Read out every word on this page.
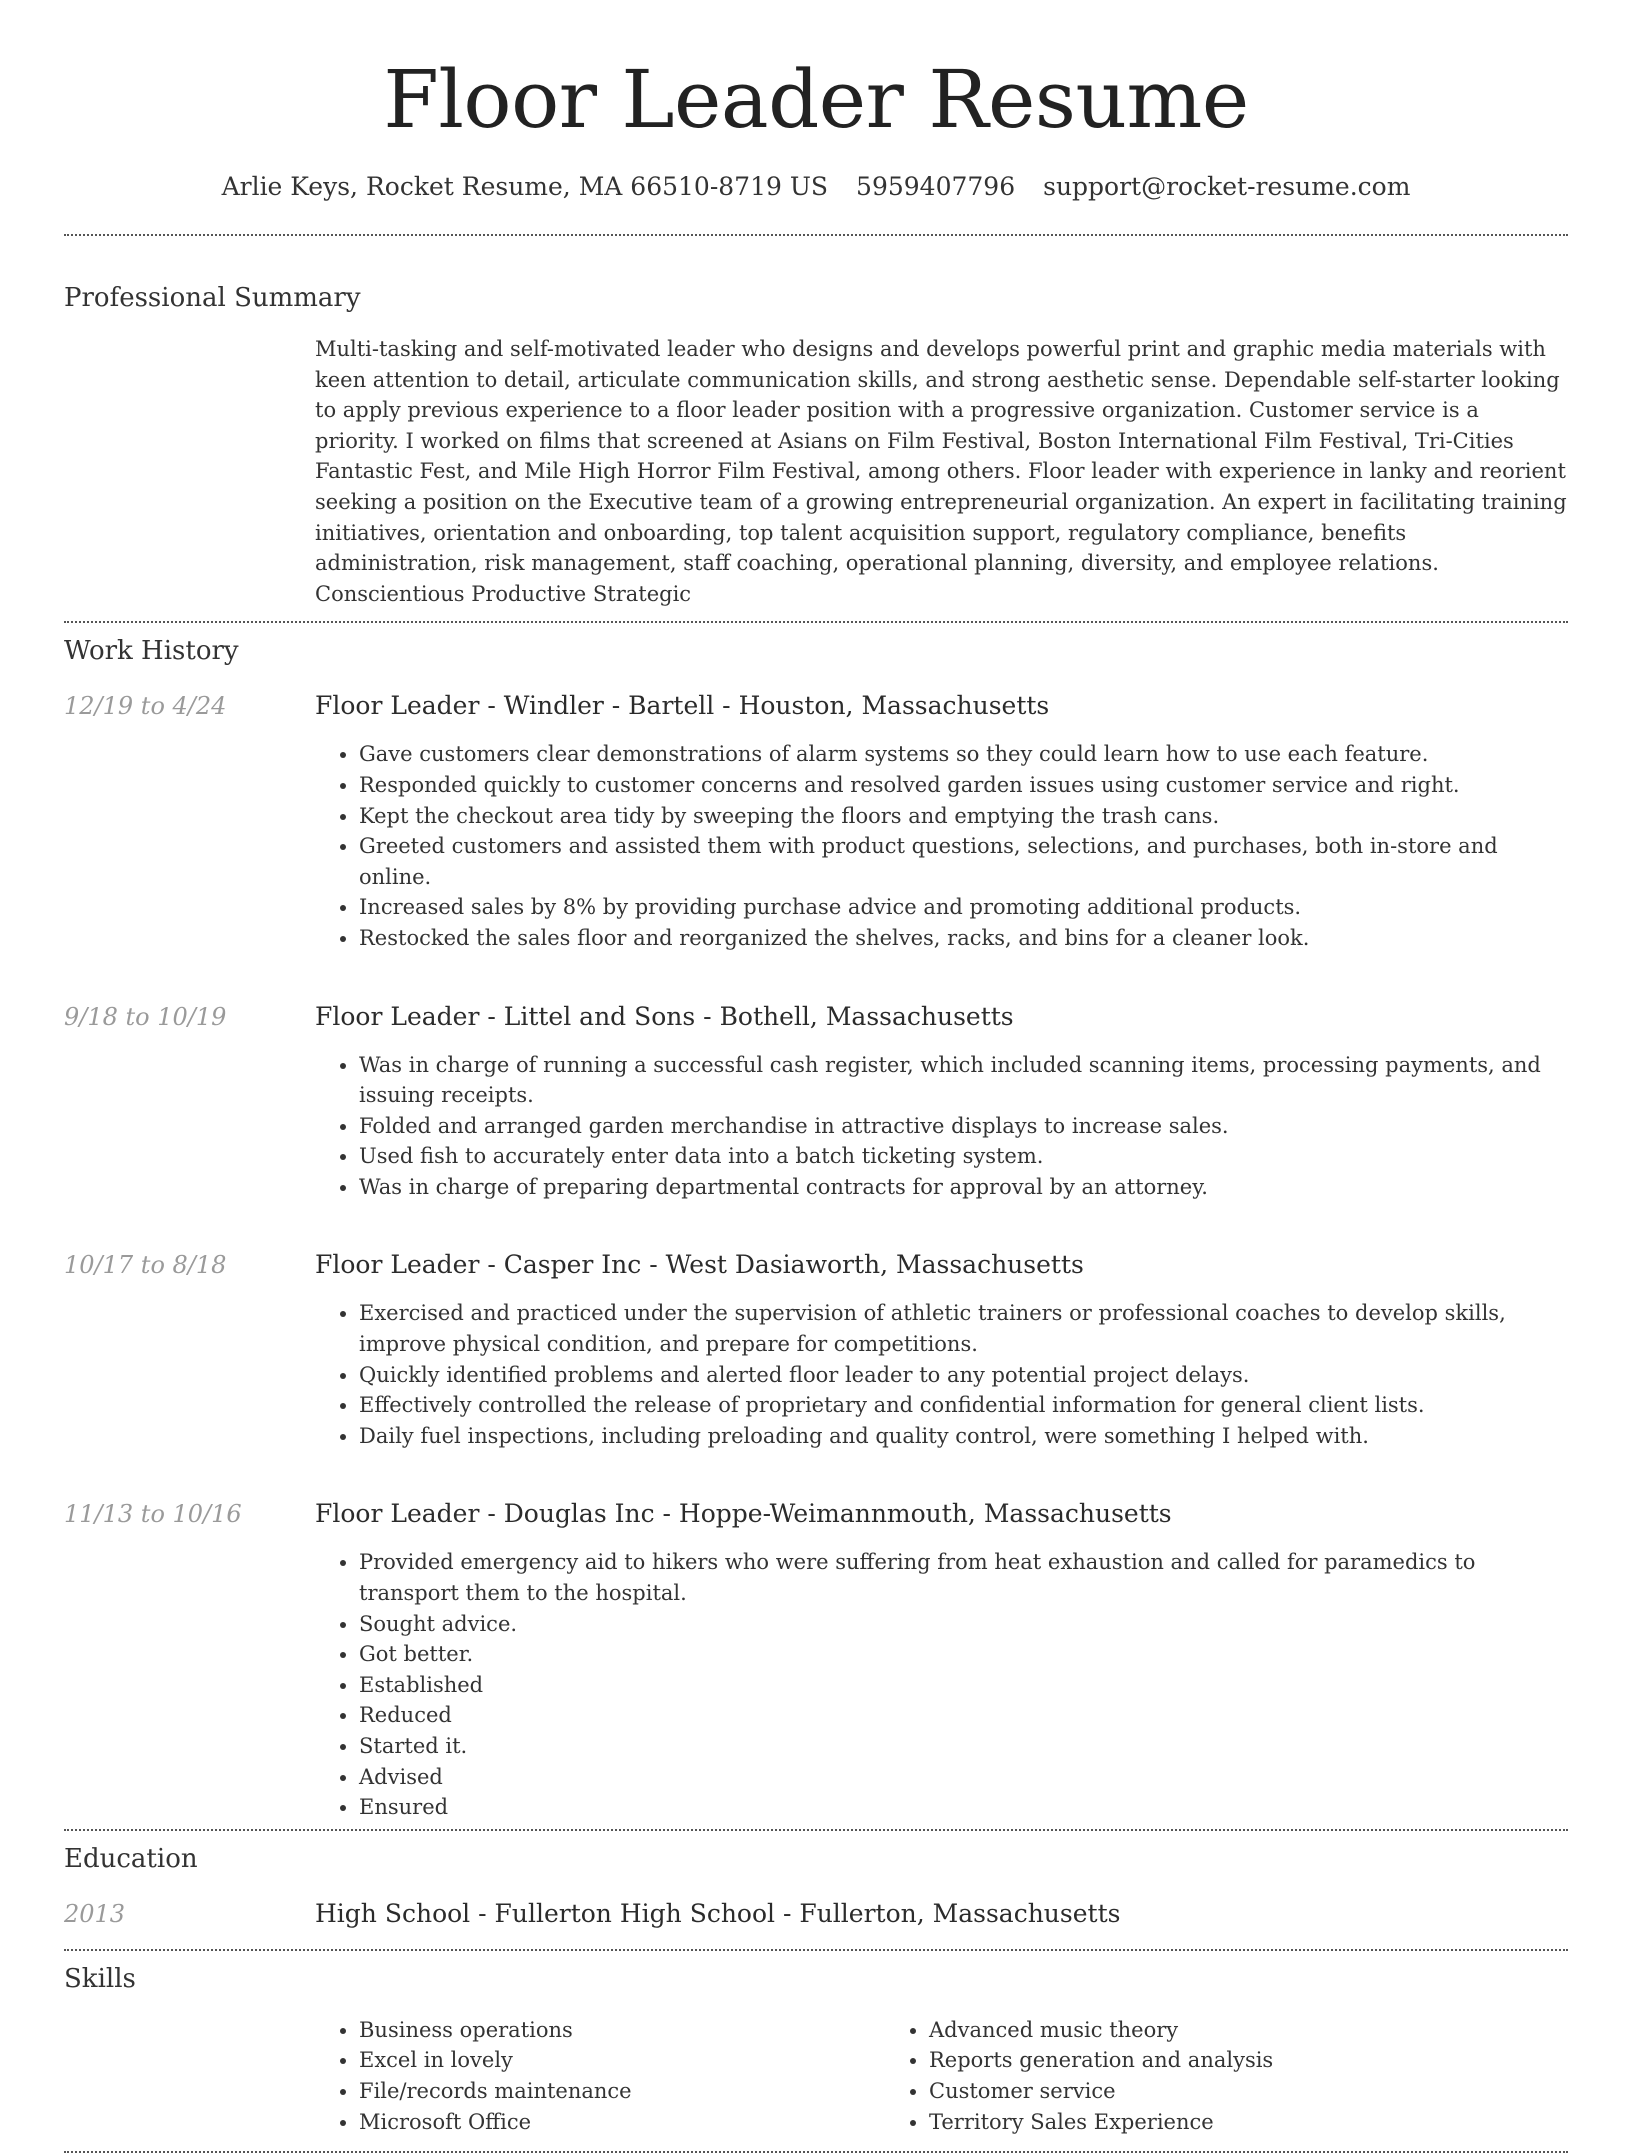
Floor Leader Resume
Arlie Keys, Rocket Resume, MA 66510-8719 US 5959407796 support@rocket-resume.com
Professional Summary
Multi-tasking and self-motivated leader who designs and develops powerful print and graphic media materials with keen attention to detail, articulate communication skills, and strong aesthetic sense. Dependable self-starter looking to apply previous experience to a floor leader position with a progressive organization. Customer service is a priority. I worked on films that screened at Asians on Film Festival, Boston International Film Festival, Tri-Cities Fantastic Fest, and Mile High Horror Film Festival, among others. Floor leader with experience in lanky and reorient seeking a position on the Executive team of a growing entrepreneurial organization. An expert in facilitating training initiatives, orientation and onboarding, top talent acquisition support, regulatory compliance, benefits administration, risk management, staff coaching, operational planning, diversity, and employee relations. Conscientious Productive Strategic
Work History
12/19 to 4/24	Floor Leader - Windler - Bartell - Houston, Massachusetts
• Gave customers clear demonstrations of alarm systems so they could learn how to use each feature.
• Responded quickly to customer concerns and resolved garden issues using customer service and right.
• Kept the checkout area tidy by sweeping the floors and emptying the trash cans.
• Greeted customers and assisted them with product questions, selections, and purchases, both in-store and online.
• Increased sales by 8% by providing purchase advice and promoting additional products.
• Restocked the sales floor and reorganized the shelves, racks, and bins for a cleaner look.
9/18 to 10/19	Floor Leader - Littel and Sons - Bothell, Massachusetts
• Was in charge of running a successful cash register, which included scanning items, processing payments, and issuing receipts.
• Folded and arranged garden merchandise in attractive displays to increase sales.
• Used fish to accurately enter data into a batch ticketing system.
• Was in charge of preparing departmental contracts for approval by an attorney.
10/17 to 8/18	Floor Leader - Casper Inc - West Dasiaworth, Massachusetts
• Exercised and practiced under the supervision of athletic trainers or professional coaches to develop skills, improve physical condition, and prepare for competitions.
• Quickly identified problems and alerted floor leader to any potential project delays.
• Effectively controlled the release of proprietary and confidential information for general client lists.
• Daily fuel inspections, including preloading and quality control, were something I helped with.
11/13 to 10/16	Floor Leader - Douglas Inc - Hoppe-Weimannmouth, Massachusetts
• Provided emergency aid to hikers who were suffering from heat exhaustion and called for paramedics to transport them to the hospital.
• Sought advice.
• Got better.
• Established
• Reduced
• Started it.
• Advised
• Ensured
Education
2013	High School - Fullerton High School - Fullerton, Massachusetts
Skills
• Business operations
• Excel in lovely
• File/records maintenance
• Microsoft Office
• Advanced music theory
• Reports generation and analysis
• Customer service
• Territory Sales Experience
